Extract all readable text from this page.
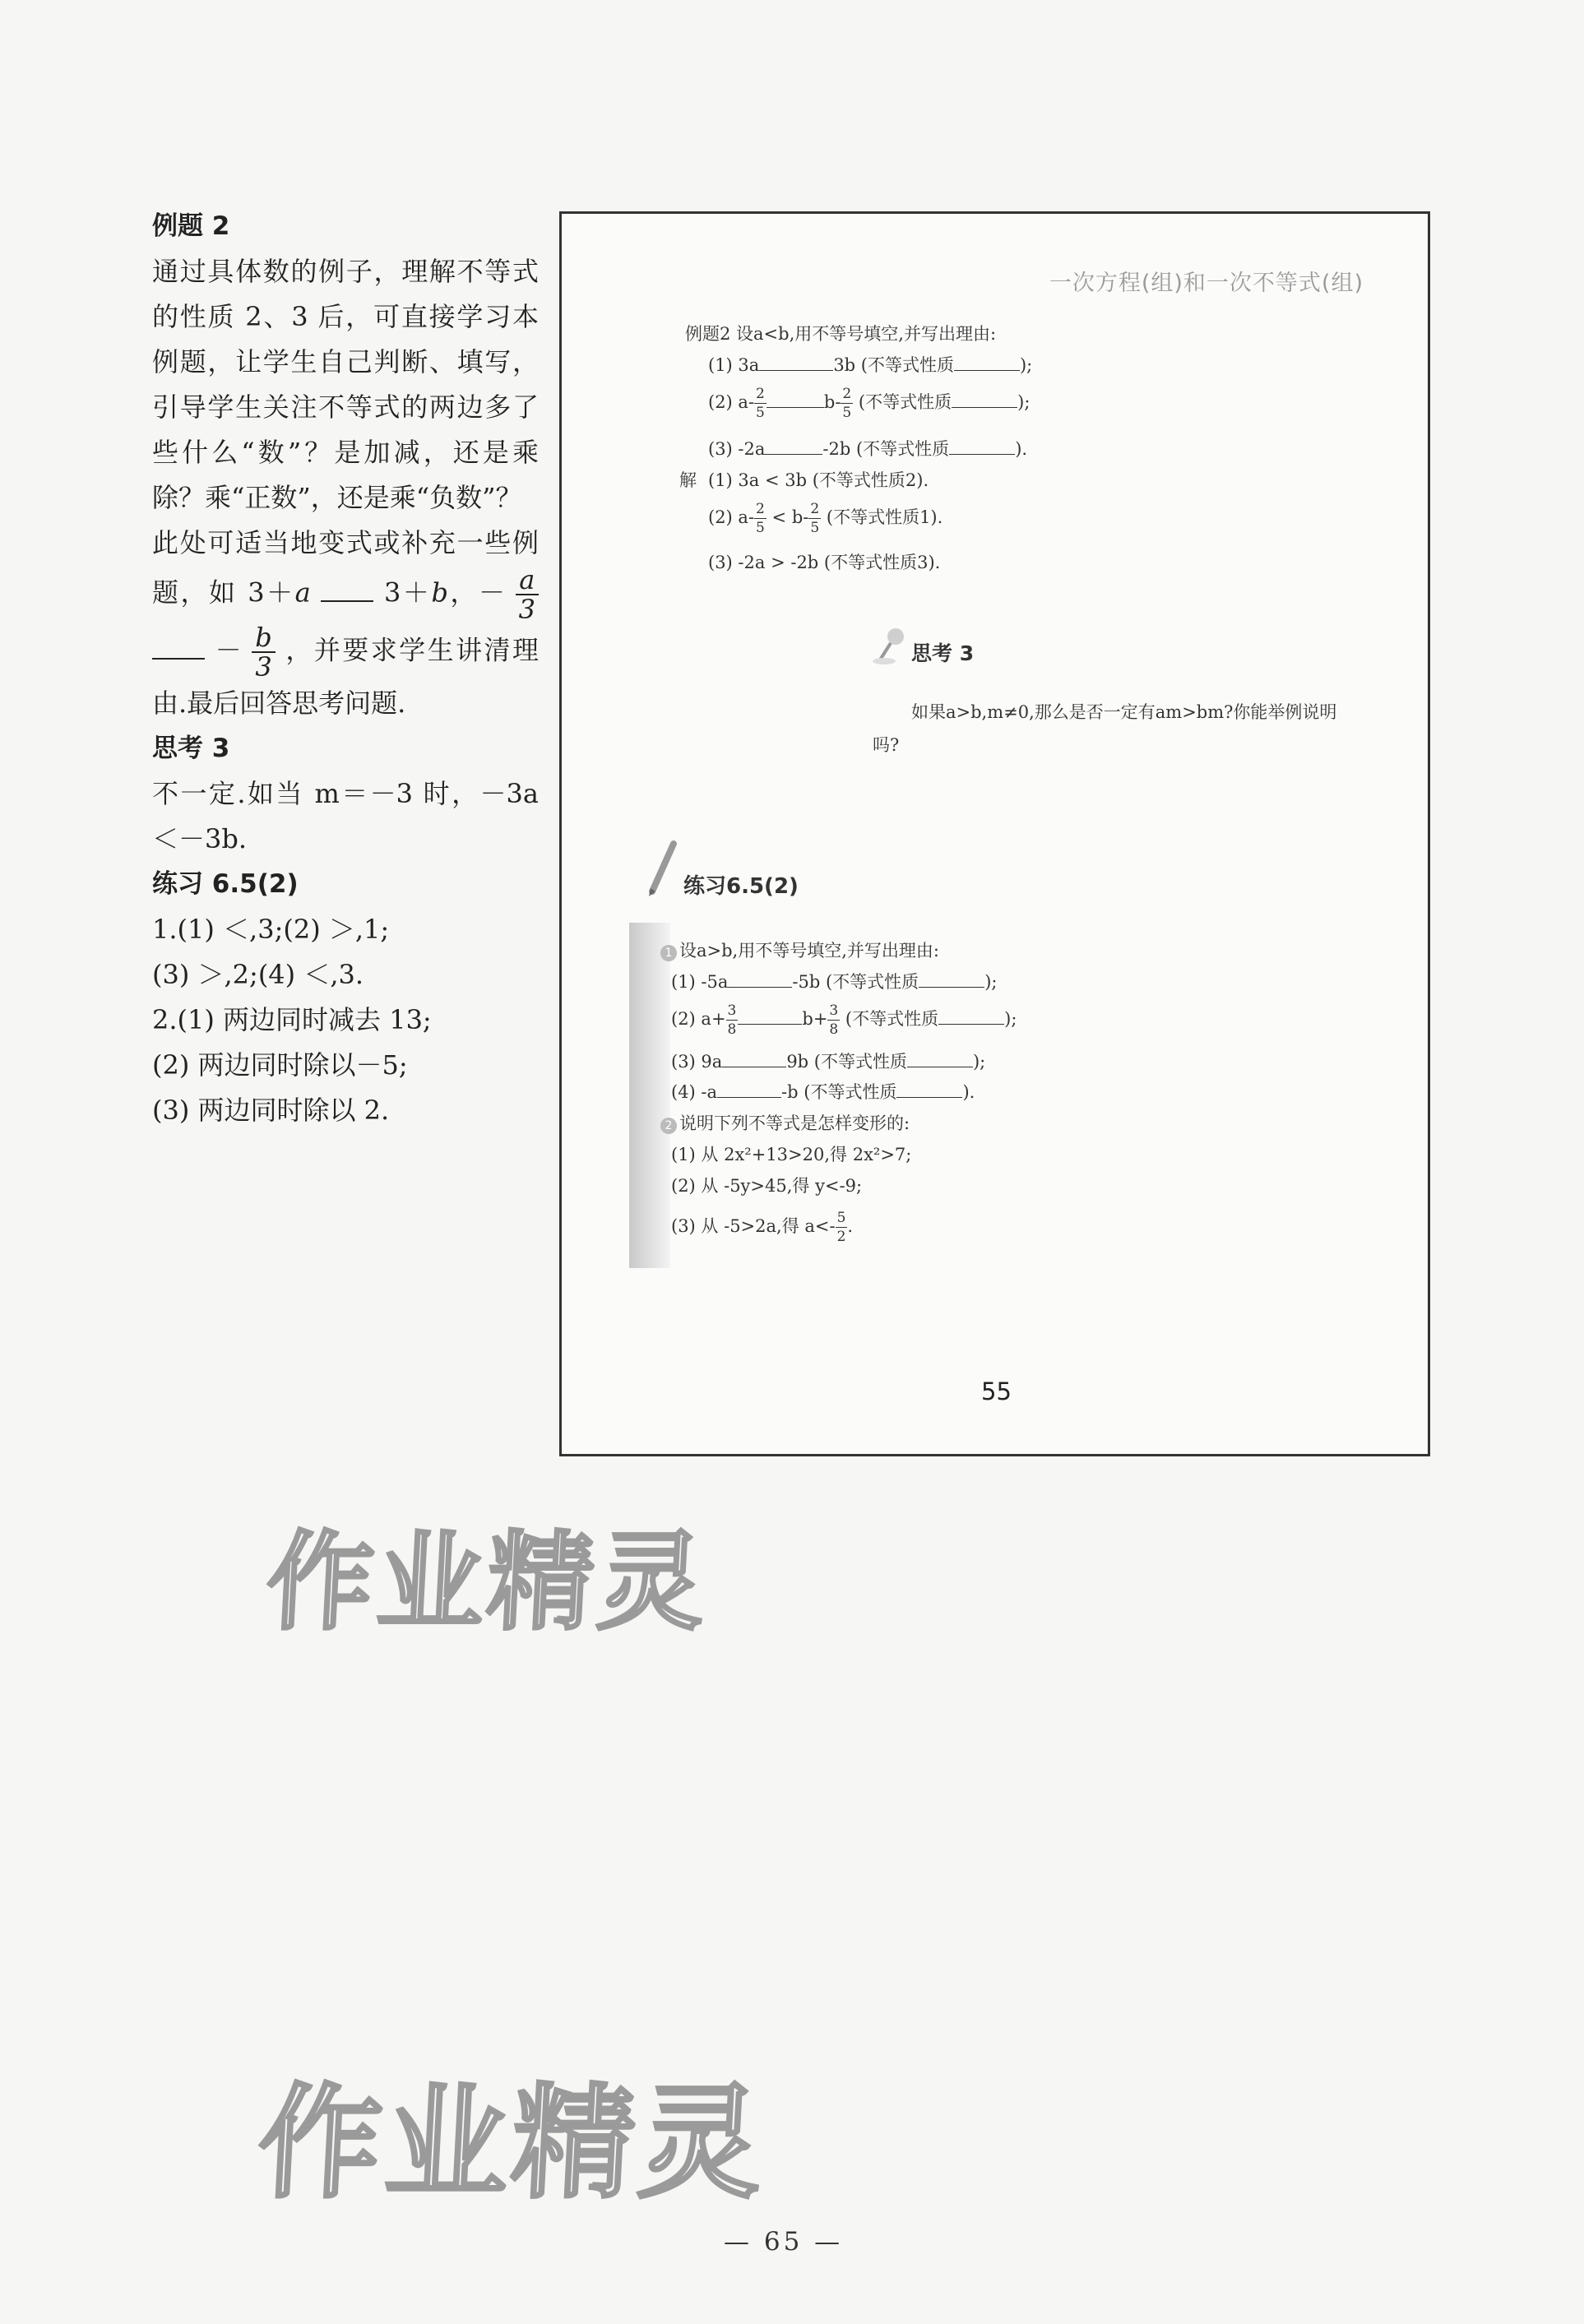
例题 2

通过具体数的例子，理解不等式的性质 2、3 后，可直接学习本例题，让学生自己判断、填写，引导学生关注不等式的两边多了些什么“数”？是加减，还是乘除？乘“正数”，还是乘“负数”？

此处可适当地变式或补充一些例题，如 3＋a	3＋b，－ $\frac{a}{3}$
－ $\frac{b}{3}$ ，并要求学生讲清理由.最后回答思考问题.

思考 3

不一定.如当 m＝－3 时，－3a＜－3b.

练习 6.5(2)

1.(1) ＜,3;(2) ＞,1;

(3) ＞,2;(4) ＜,3.

2.(1) 两边同时减去 13;

(2) 两边同时除以－5;

(3) 两边同时除以 2.

一次方程(组)和一次不等式(组)
例题2 设a<b,用不等号填空,并写出理由:
(1) 3a	3b (不等式性质	);
(2) $a- \frac{2}{5}$	$b- \frac{2}{5}$ (不等式性质	);
(3) -2a	-2b (不等式性质	).
解 (1) 3a < 3b (不等式性质2).
(2) $a- \frac{2}{5} < b- \frac{2}{5}$ (不等式性质1).
(3) -2a > -2b (不等式性质3).
思考 3
如果a>b,m≠0,那么是否一定有am>bm?你能举例说明
吗?
练习6.5(2)
1 设a>b,用不等号填空,并写出理由:
(1) -5a	-5b (不等式性质	);
(2) $a+ \frac{3}{8}$	$b+ \frac{3}{8}$ (不等式性质	);
(3) 9a	9b (不等式性质	);
(4) -a	-b (不等式性质	).
2 说明下列不等式是怎样变形的:
(1) 从 2x²+13>20,得 2x²>7;
(2) 从 -5y>45,得 y<-9;
(3) 从 -5>2a,得 $a<- \frac{5}{2}$ .
55
作业精灵
作业精灵
— 65 —
